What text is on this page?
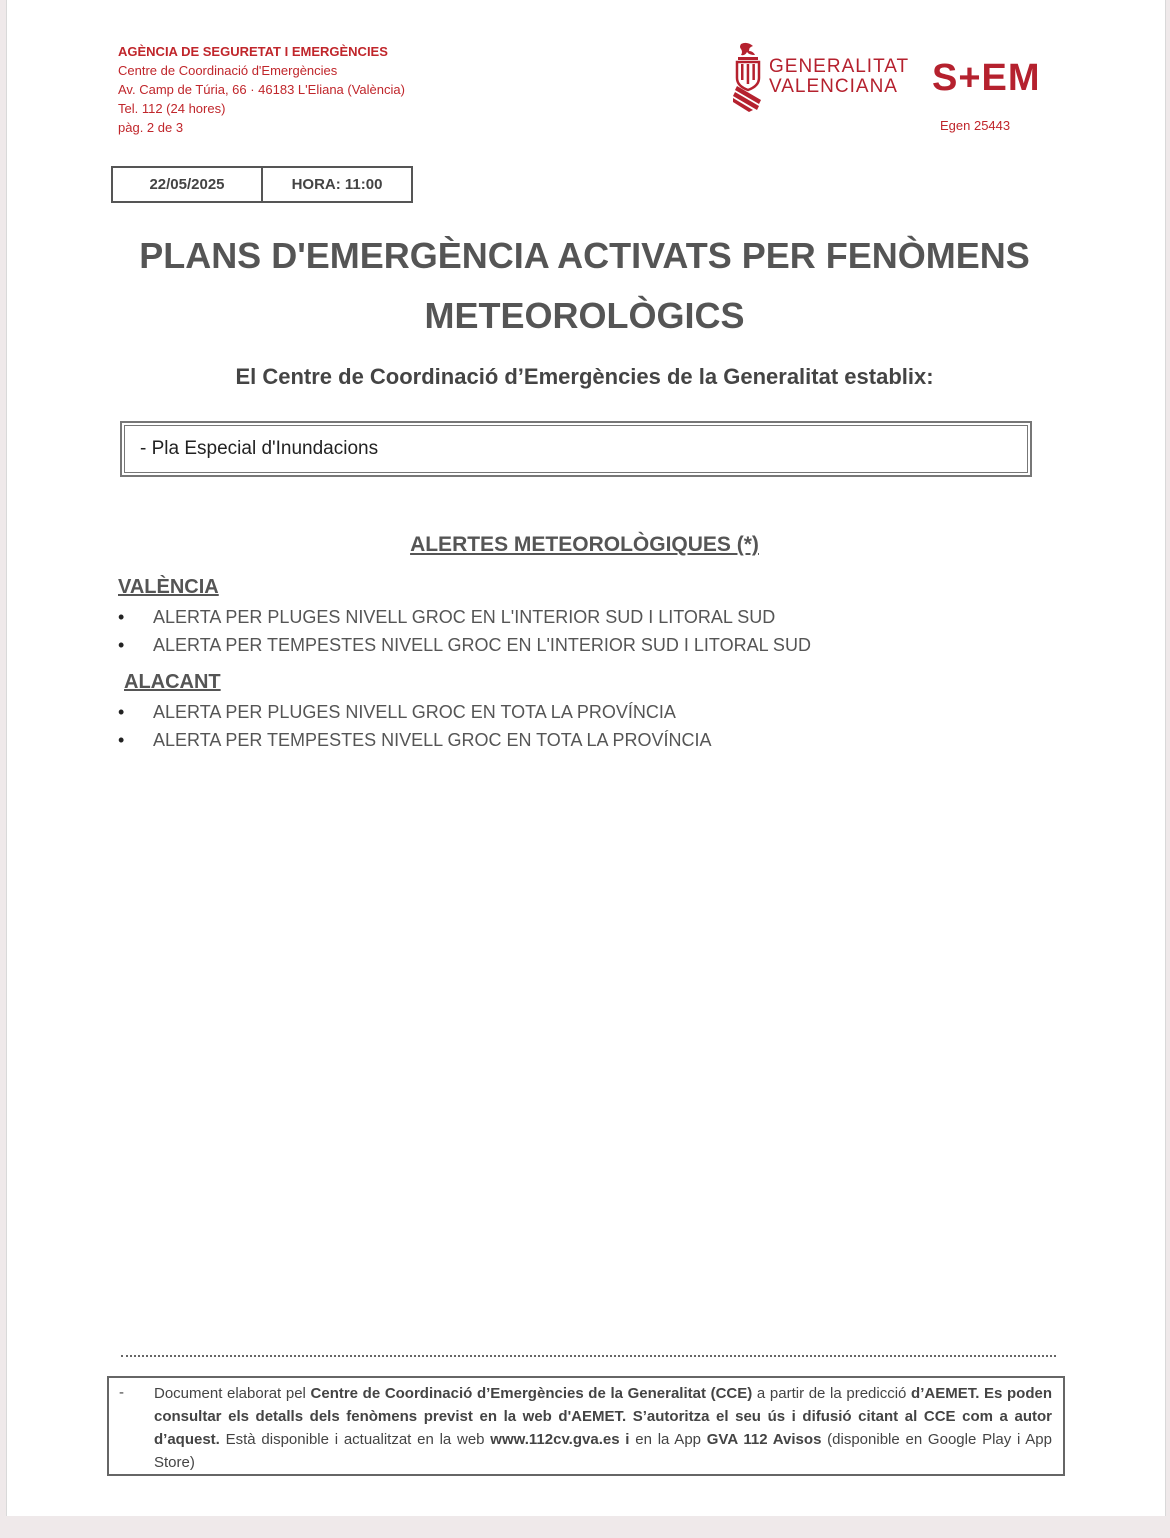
AGÈNCIA DE SEGURETAT I EMERGÈNCIES
Centre de Coordinació d'Emergències
Av. Camp de Túria, 66 · 46183 L'Eliana (València)
Tel. 112 (24 hores)
pàg. 2 de 3
GENERALITAT
VALENCIANA S+EM
Egen 25443
22/05/2025	HORA: 11:00
PLANS D'EMERGÈNCIA ACTIVATS PER FENÒMENS METEOROLÒGICS
El Centre de Coordinació d’Emergències de la Generalitat establix:
- Pla Especial d'Inundacions
ALERTES METEOROLÒGIQUES (*)
VALÈNCIA
•	ALERTA PER PLUGES NIVELL GROC EN L'INTERIOR SUD I LITORAL SUD
•	ALERTA PER TEMPESTES NIVELL GROC EN L'INTERIOR SUD I LITORAL SUD
ALACANT
•	ALERTA PER PLUGES NIVELL GROC EN TOTA LA PROVÍNCIA
•	ALERTA PER TEMPESTES NIVELL GROC EN TOTA LA PROVÍNCIA
- Document elaborat pel Centre de Coordinació d’Emergències de la Generalitat (CCE) a partir de la predicció d’AEMET. Es poden consultar els detalls dels fenòmens previst en la web d'AEMET. S’autoritza el seu ús i difusió citant al CCE com a autor d’aquest. Està disponible i actualitzat en la web www.112cv.gva.es i en la App GVA 112 Avisos (disponible en Google Play i App Store)
